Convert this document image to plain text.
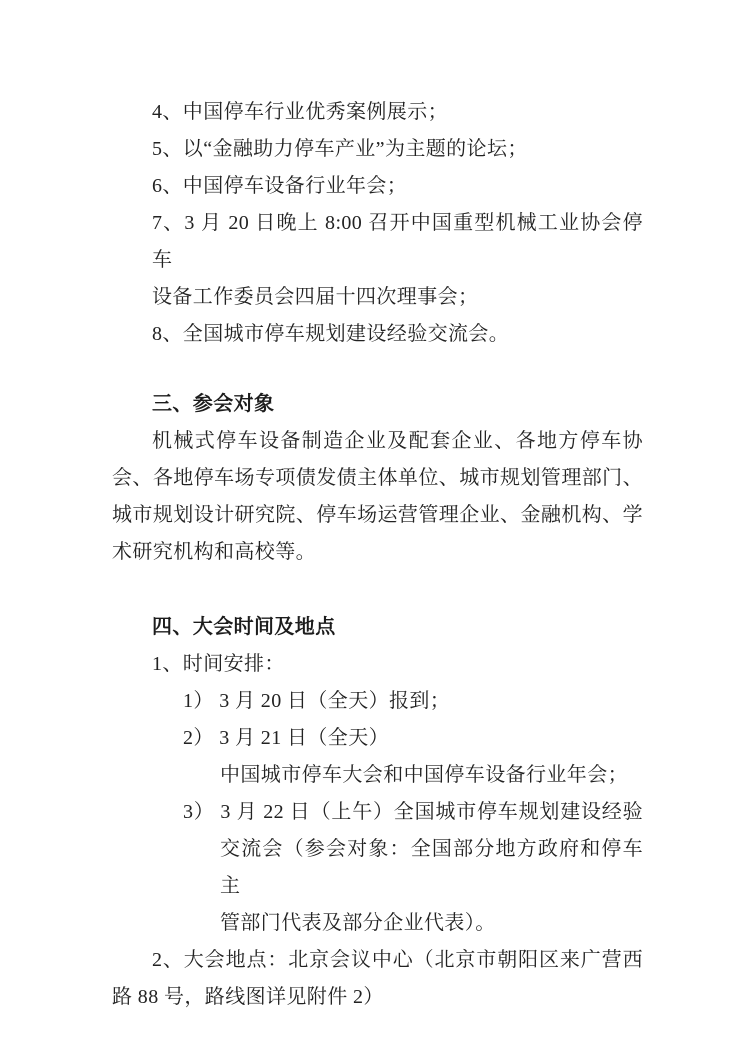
4、中国停车行业优秀案例展示；

5、以“金融助力停车产业”为主题的论坛；

6、中国停车设备行业年会；

7、3 月 20 日晚上 8:00 召开中国重型机械工业协会停车

设备工作委员会四届十四次理事会；

8、全国城市停车规划建设经验交流会。

三、参会对象

机械式停车设备制造企业及配套企业、各地方停车协

会、各地停车场专项债发债主体单位、城市规划管理部门、

城市规划设计研究院、停车场运营管理企业、金融机构、学

术研究机构和高校等。

四、大会时间及地点

1、时间安排：

1） 3 月 20 日（全天）报到；

2） 3 月 21 日（全天）

中国城市停车大会和中国停车设备行业年会；

3） 3 月 22 日（上午）全国城市停车规划建设经验

交流会（参会对象：全国部分地方政府和停车主

管部门代表及部分企业代表）。

2、大会地点：北京会议中心（北京市朝阳区来广营西

路 88 号，路线图详见附件 2）
